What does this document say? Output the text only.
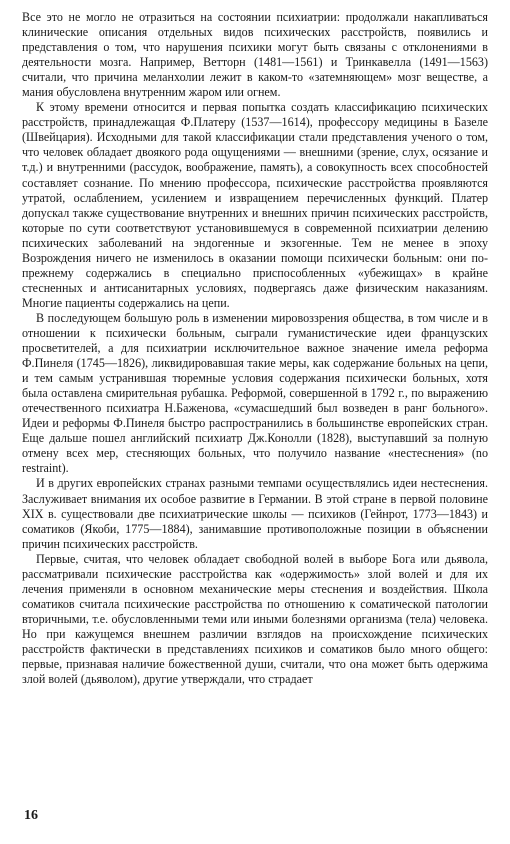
Все это не могло не отразиться на состоянии психиатрии: продолжали накапливаться клинические описания отдельных видов психических расстройств, появились и представления о том, что нарушения психики могут быть связаны с отклонениями в деятельности мозга. Например, Ветторн (1481—1561) и Тринкавелла (1491—1563) считали, что причина меланхолии лежит в каком-то «затемняющем» мозг веществе, а мания обусловлена внутренним жаром или огнем.

К этому времени относится и первая попытка создать классификацию психических расстройств, принадлежащая Ф.Платеру (1537—1614), профессору медицины в Базеле (Швейцария). Исходными для такой классификации стали представления ученого о том, что человек обладает двоякого рода ощущениями — внешними (зрение, слух, осязание и т.д.) и внутренними (рассудок, воображение, память), а совокупность всех способностей составляет сознание. По мнению профессора, психические расстройства проявляются утратой, ослаблением, усилением и извращением перечисленных функций. Платер допускал также существование внутренних и внешних причин психических расстройств, которые по сути соответствуют установившемуся в современной психиатрии делению психических заболеваний на эндогенные и экзогенные. Тем не менее в эпоху Возрождения ничего не изменилось в оказании помощи психически больным: они по-прежнему содержались в специально приспособленных «убежищах» в крайне стесненных и антисанитарных условиях, подвергаясь даже физическим наказаниям. Многие пациенты содержались на цепи.

В последующем большую роль в изменении мировоззрения общества, в том числе и в отношении к психически больным, сыграли гуманистические идеи французских просветителей, а для психиатрии исключительное важное значение имела реформа Ф.Пинеля (1745—1826), ликвидировавшая такие меры, как содержание больных на цепи, и тем самым устранившая тюремные условия содержания психически больных, хотя была оставлена смирительная рубашка. Реформой, совершенной в 1792 г., по выражению отечественного психиатра Н.Баженова, «сумасшедший был возведен в ранг больного». Идеи и реформы Ф.Пинеля быстро распространились в большинстве европейских стран. Еще дальше пошел английский психиатр Дж.Конолли (1828), выступавший за полную отмену всех мер, стесняющих больных, что получило название «нестеснения» (no restraint).

И в других европейских странах разными темпами осуществлялись идеи нестеснения. Заслуживает внимания их особое развитие в Германии. В этой стране в первой половине XIX в. существовали две психиатрические школы — психиков (Гейнрот, 1773—1843) и соматиков (Якоби, 1775—1884), занимавшие противоположные позиции в объяснении причин психических расстройств.

Первые, считая, что человек обладает свободной волей в выборе Бога или дьявола, рассматривали психические расстройства как «одержимость» злой волей и для их лечения применяли в основном механические меры стеснения и воздействия. Школа соматиков считала психические расстройства по отношению к соматической патологии вторичными, т.е. обусловленными теми или иными болезнями организма (тела) человека. Но при кажущемся внешнем различии взглядов на происхождение психических расстройств фактически в представлениях психиков и соматиков было много общего: первые, признавая наличие божественной души, считали, что она может быть одержима злой волей (дьяволом), другие утверждали, что страдает

16
